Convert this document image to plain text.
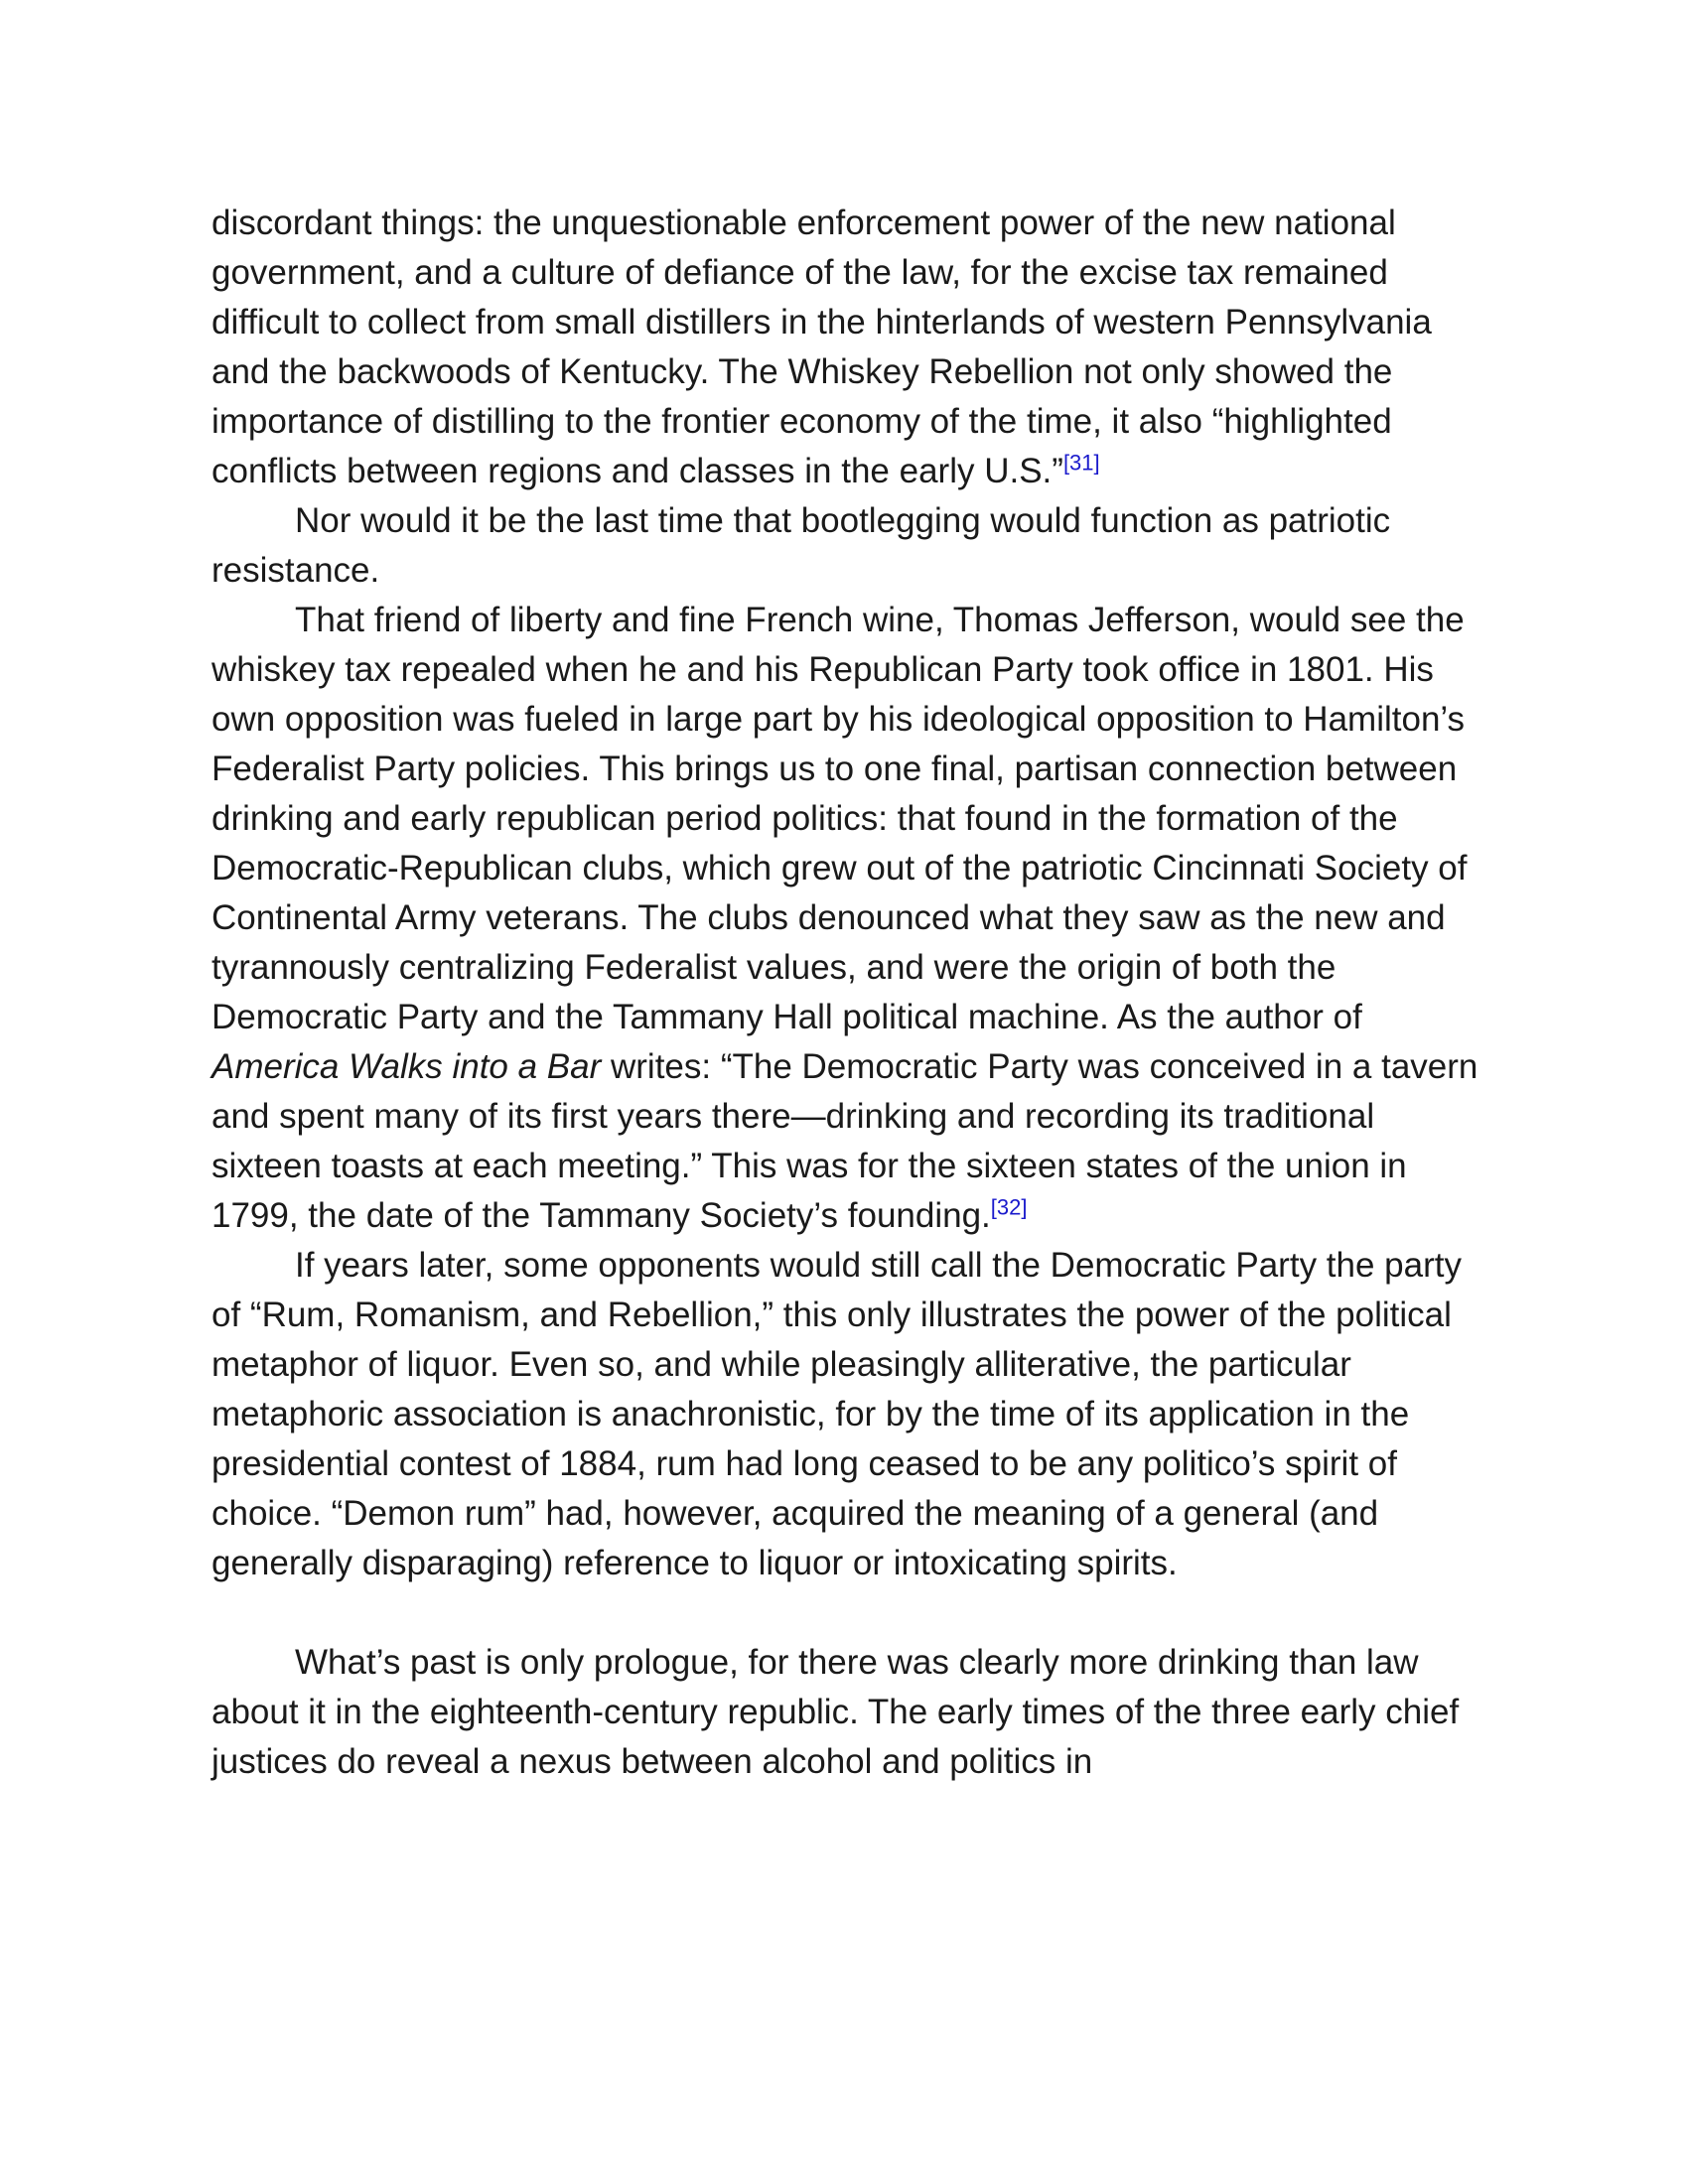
discordant things: the unquestionable enforcement power of the new national government, and a culture of defiance of the law, for the excise tax remained difficult to collect from small distillers in the hinterlands of western Pennsylvania and the backwoods of Kentucky. The Whiskey Rebellion not only showed the importance of distilling to the frontier economy of the time, it also “highlighted conflicts between regions and classes in the early U.S.”[31]

Nor would it be the last time that bootlegging would function as patriotic resistance.

That friend of liberty and fine French wine, Thomas Jefferson, would see the whiskey tax repealed when he and his Republican Party took office in 1801. His own opposition was fueled in large part by his ideological opposition to Hamilton’s Federalist Party policies. This brings us to one final, partisan connection between drinking and early republican period politics: that found in the formation of the Democratic-Republican clubs, which grew out of the patriotic Cincinnati Society of Continental Army veterans. The clubs denounced what they saw as the new and tyrannously centralizing Federalist values, and were the origin of both the Democratic Party and the Tammany Hall political machine. As the author of America Walks into a Bar writes: “The Democratic Party was conceived in a tavern and spent many of its first years there—drinking and recording its traditional sixteen toasts at each meeting.” This was for the sixteen states of the union in 1799, the date of the Tammany Society’s founding.[32]

If years later, some opponents would still call the Democratic Party the party of “Rum, Romanism, and Rebellion,” this only illustrates the power of the political metaphor of liquor. Even so, and while pleasingly alliterative, the particular metaphoric association is anachronistic, for by the time of its application in the presidential contest of 1884, rum had long ceased to be any politico’s spirit of choice. “Demon rum” had, however, acquired the meaning of a general (and generally disparaging) reference to liquor or intoxicating spirits.

What’s past is only prologue, for there was clearly more drinking than law about it in the eighteenth-century republic. The early times of the three early chief justices do reveal a nexus between alcohol and politics in
